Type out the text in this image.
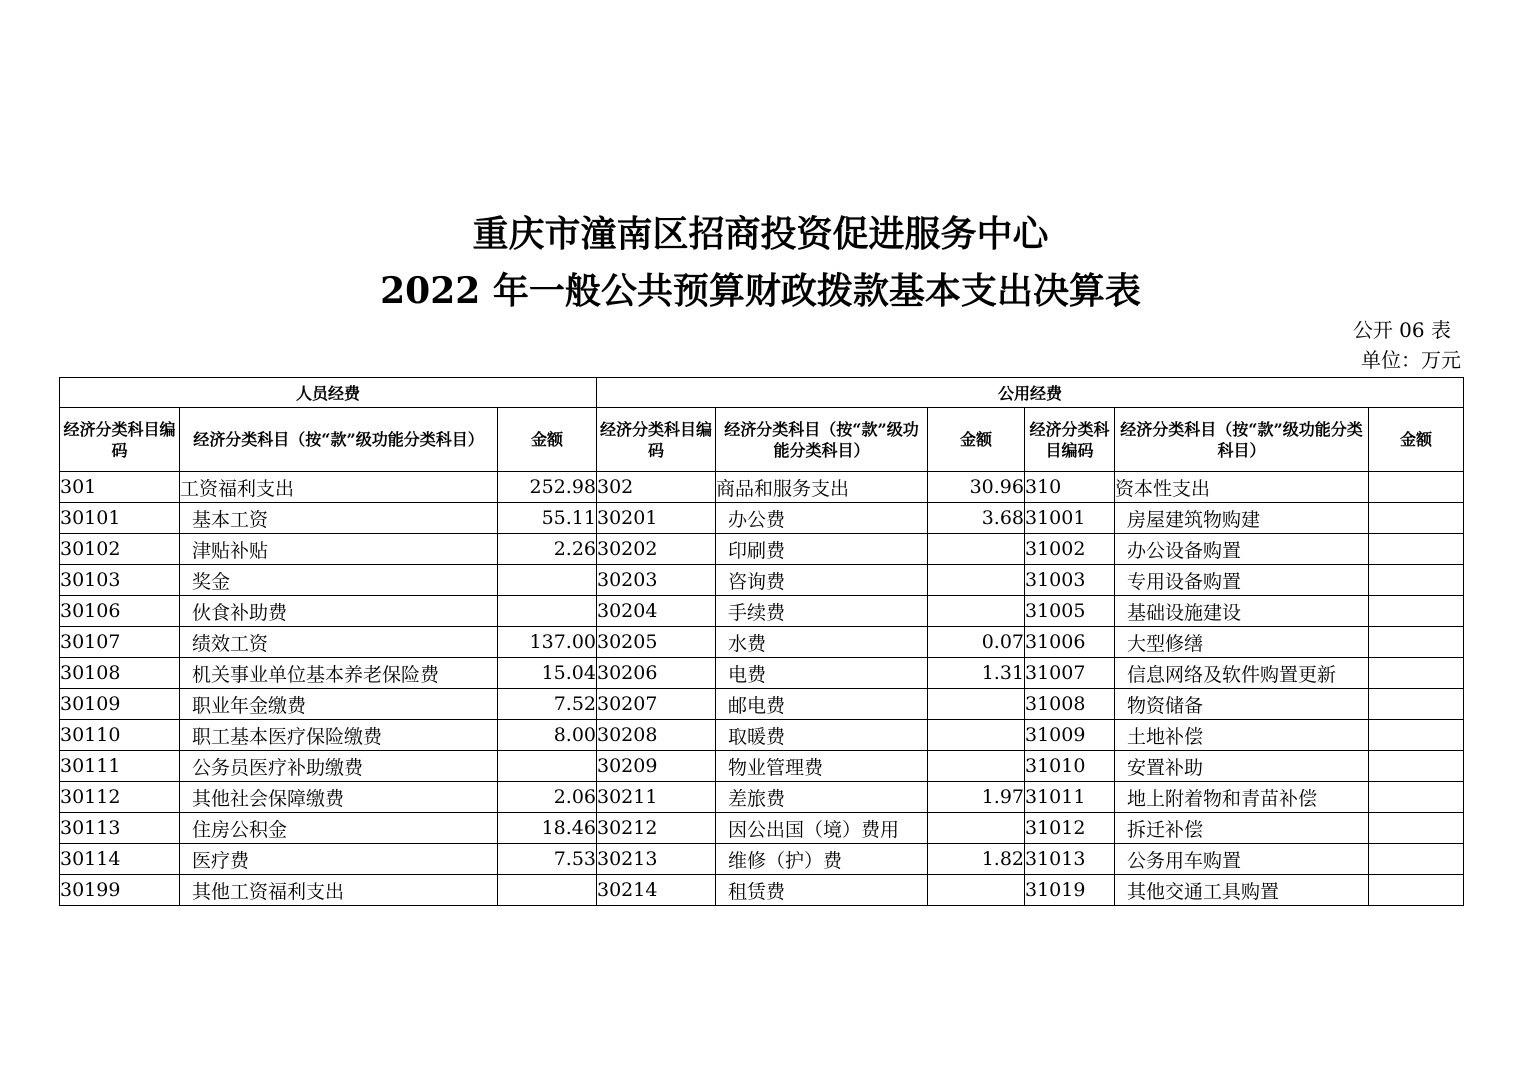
重庆市潼南区招商投资促进服务中心
2022 年一般公共预算财政拨款基本支出决算表
公开 06 表
单位：万元
人员经费			公用经费					
经济分类科目编码	经济分类科目（按“款”级功能分类科目）	金额	经济分类科目编码	经济分类科目（按“款”级功能分类科目）	金额	经济分类科目编码	经济分类科目（按“款”级功能分类科目）	金额
301	工资福利支出	252.98	302	商品和服务支出	30.96	310	资本性支出	
30101	基本工资	55.11	30201	办公费	3.68	31001	房屋建筑物购建	
30102	津贴补贴	2.26	30202	印刷费		31002	办公设备购置	
30103	奖金		30203	咨询费		31003	专用设备购置	
30106	伙食补助费		30204	手续费		31005	基础设施建设	
30107	绩效工资	137.00	30205	水费	0.07	31006	大型修缮	
30108	机关事业单位基本养老保险费	15.04	30206	电费	1.31	31007	信息网络及软件购置更新	
30109	职业年金缴费	7.52	30207	邮电费		31008	物资储备	
30110	职工基本医疗保险缴费	8.00	30208	取暖费		31009	土地补偿	
30111	公务员医疗补助缴费		30209	物业管理费		31010	安置补助	
30112	其他社会保障缴费	2.06	30211	差旅费	1.97	31011	地上附着物和青苗补偿	
30113	住房公积金	18.46	30212	因公出国（境）费用		31012	拆迁补偿	
30114	医疗费	7.53	30213	维修（护）费	1.82	31013	公务用车购置	
30199	其他工资福利支出		30214	租赁费		31019	其他交通工具购置	
